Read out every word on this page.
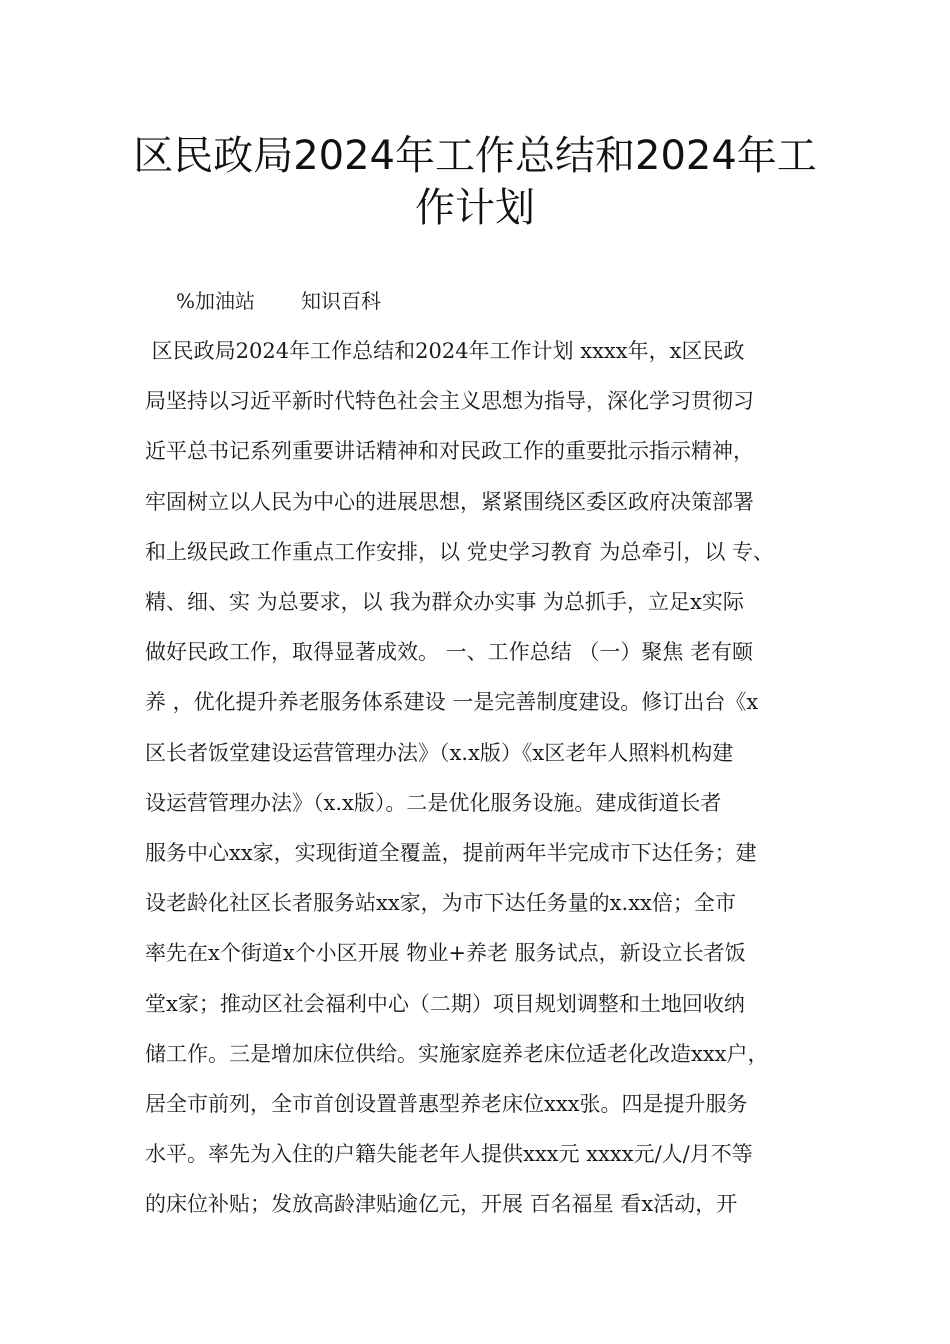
区民政局2024年工作总结和2024年工
作计划
%加油站 知识百科
区民政局2024年工作总结和2024年工作计划 xxxx年，x区民政
局坚持以习近平新时代特色社会主义思想为指导，深化学习贯彻习
近平总书记系列重要讲话精神和对民政工作的重要批示指示精神，
牢固树立以人民为中心的进展思想，紧紧围绕区委区政府决策部署
和上级民政工作重点工作安排，以 党史学习教育 为总牵引，以 专、
精、细、实 为总要求，以 我为群众办实事 为总抓手，立足x实际
做好民政工作，取得显著成效。 一、工作总结 （一）聚焦 老有颐
养 ，优化提升养老服务体系建设 一是完善制度建设。修订出台《x
区长者饭堂建设运营管理办法》（x.x版）《x区老年人照料机构建
设运营管理办法》（x.x版）。二是优化服务设施。建成街道长者
服务中心xx家，实现街道全覆盖，提前两年半完成市下达任务；建
设老龄化社区长者服务站xx家，为市下达任务量的x.xx倍；全市
率先在x个街道x个小区开展 物业+养老 服务试点，新设立长者饭
堂x家；推动区社会福利中心（二期）项目规划调整和土地回收纳
储工作。三是增加床位供给。实施家庭养老床位适老化改造xxx户，
居全市前列，全市首创设置普惠型养老床位xxx张。四是提升服务
水平。率先为入住的户籍失能老年人提供xxx元 xxxx元/人/月不等
的床位补贴；发放高龄津贴逾亿元，开展 百名福星 看x活动，开
